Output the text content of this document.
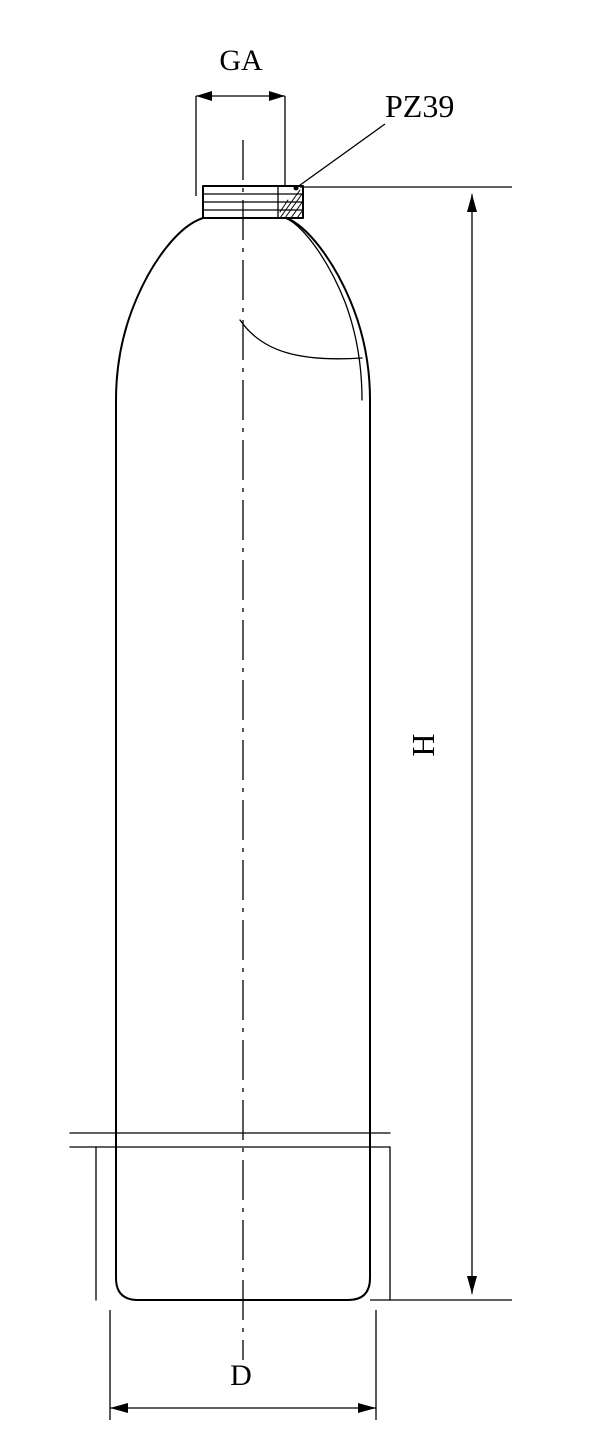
GA
PZ39
H
D
